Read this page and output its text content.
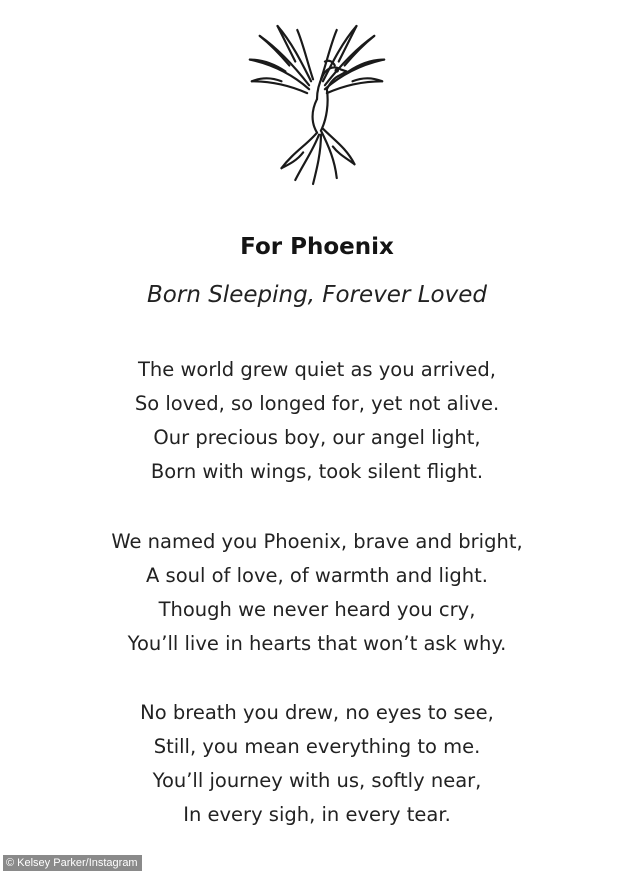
For Phoenix
Born Sleeping, Forever Loved
The world grew quiet as you arrived,
So loved, so longed for, yet not alive.
Our precious boy, our angel light,
Born with wings, took silent flight.
We named you Phoenix, brave and bright,
A soul of love, of warmth and light.
Though we never heard you cry,
You’ll live in hearts that won’t ask why.
No breath you drew, no eyes to see,
Still, you mean everything to me.
You’ll journey with us, softly near,
In every sigh, in every tear.
© Kelsey Parker/Instagram
